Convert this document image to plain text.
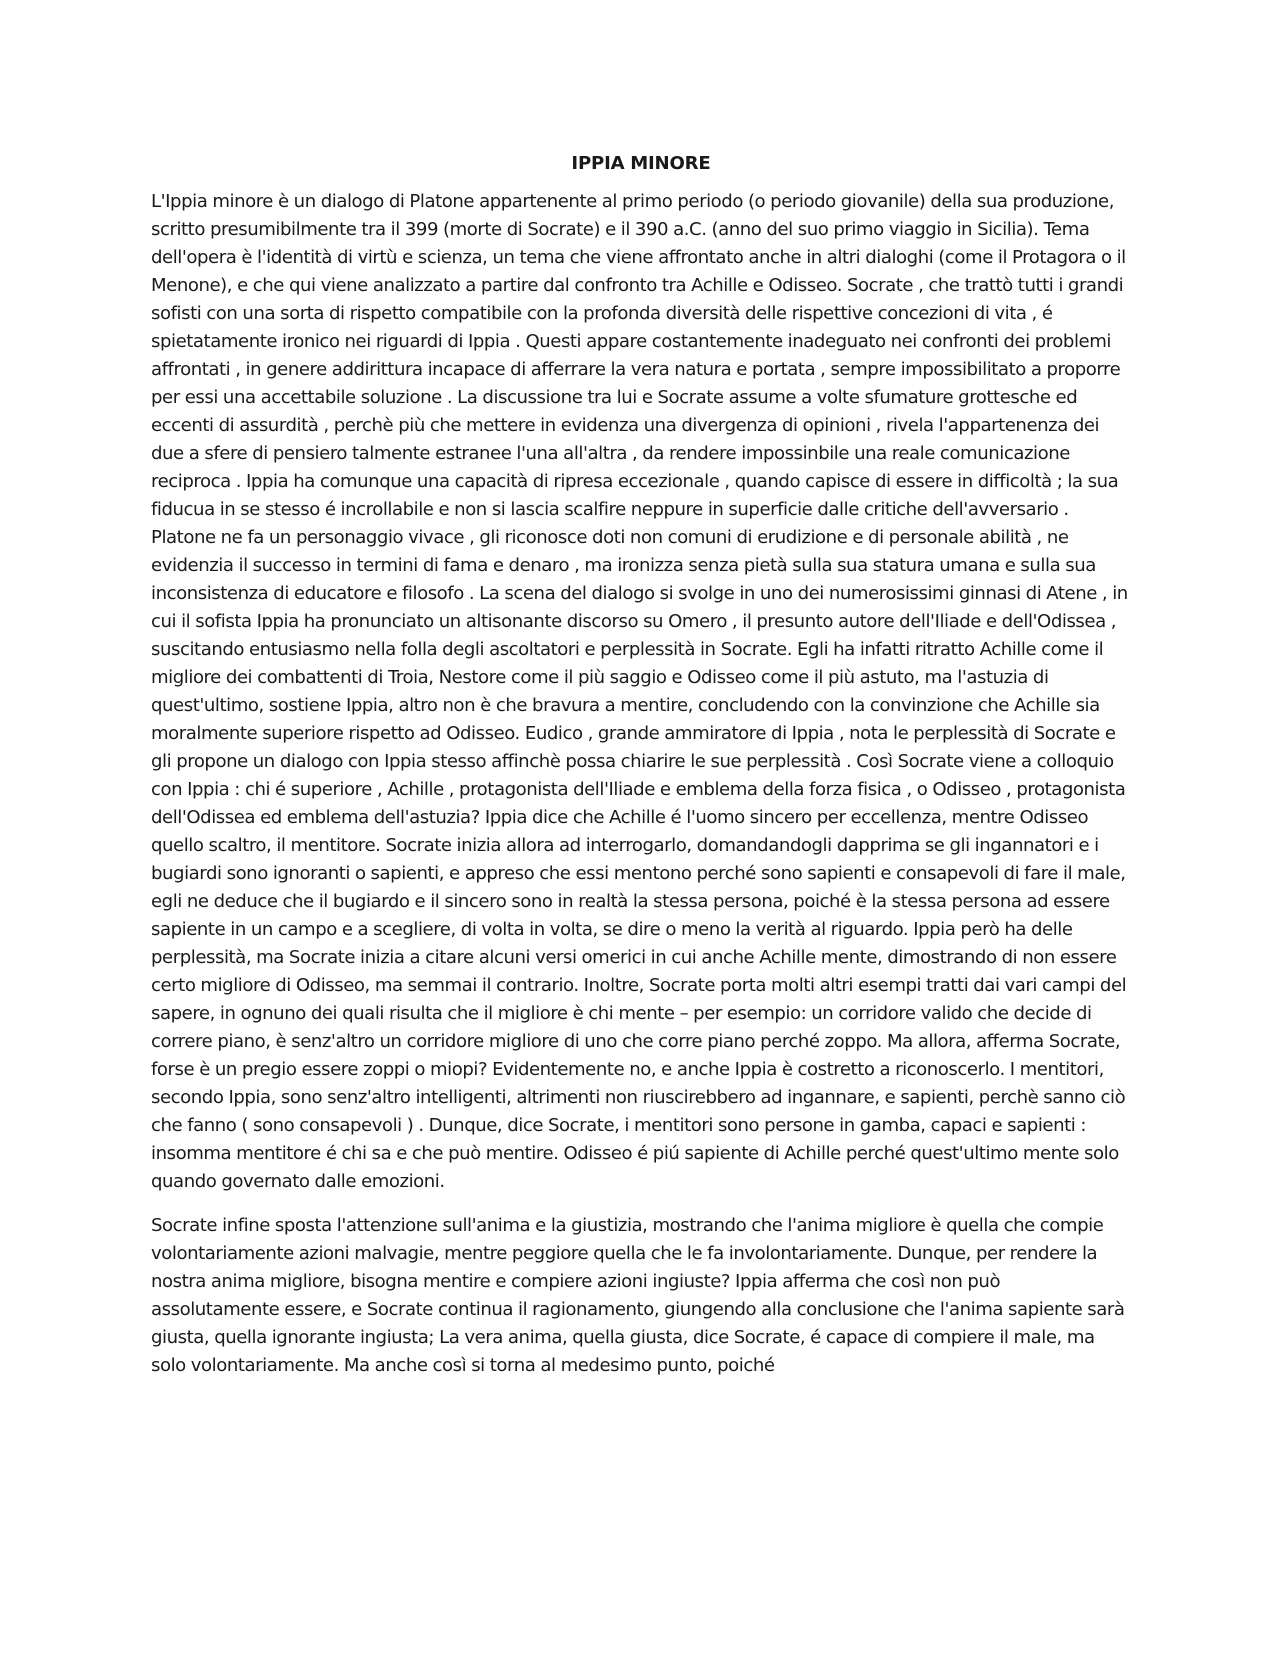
IPPIA MINORE

L'Ippia minore è un dialogo di Platone appartenente al primo periodo (o periodo giovanile) della sua produzione, scritto presumibilmente tra il 399 (morte di Socrate) e il 390 a.C. (anno del suo primo viaggio in Sicilia). Tema dell'opera è l'identità di virtù e scienza, un tema che viene affrontato anche in altri dialoghi (come il Protagora o il Menone), e che qui viene analizzato a partire dal confronto tra Achille e Odisseo. Socrate , che trattò tutti i grandi sofisti con una sorta di rispetto compatibile con la profonda diversità delle rispettive concezioni di vita , é spietatamente ironico nei riguardi di Ippia . Questi appare costantemente inadeguato nei confronti dei problemi affrontati , in genere addirittura incapace di afferrare la vera natura e portata , sempre impossibilitato a proporre per essi una accettabile soluzione . La discussione tra lui e Socrate assume a volte sfumature grottesche ed eccenti di assurdità , perchè più che mettere in evidenza una divergenza di opinioni , rivela l'appartenenza dei due a sfere di pensiero talmente estranee l'una all'altra , da rendere impossinbile una reale comunicazione reciproca . Ippia ha comunque una capacità di ripresa eccezionale , quando capisce di essere in difficoltà ; la sua fiducua in se stesso é incrollabile e non si lascia scalfire neppure in superficie dalle critiche dell'avversario . Platone ne fa un personaggio vivace , gli riconosce doti non comuni di erudizione e di personale abilità , ne evidenzia il successo in termini di fama e denaro , ma ironizza senza pietà sulla sua statura umana e sulla sua inconsistenza di educatore e filosofo . La scena del dialogo si svolge in uno dei numerosissimi ginnasi di Atene , in cui il sofista Ippia ha pronunciato un altisonante discorso su Omero , il presunto autore dell'Iliade e dell'Odissea , suscitando entusiasmo nella folla degli ascoltatori e perplessità in Socrate. Egli ha infatti ritratto Achille come il migliore dei combattenti di Troia, Nestore come il più saggio e Odisseo come il più astuto, ma l'astuzia di quest'ultimo, sostiene Ippia, altro non è che bravura a mentire, concludendo con la convinzione che Achille sia moralmente superiore rispetto ad Odisseo. Eudico , grande ammiratore di Ippia , nota le perplessità di Socrate e gli propone un dialogo con Ippia stesso affinchè possa chiarire le sue perplessità . Così Socrate viene a colloquio con Ippia : chi é superiore , Achille , protagonista dell'Iliade e emblema della forza fisica , o Odisseo , protagonista dell'Odissea ed emblema dell'astuzia? Ippia dice che Achille é l'uomo sincero per eccellenza, mentre Odisseo quello scaltro, il mentitore. Socrate inizia allora ad interrogarlo, domandandogli dapprima se gli ingannatori e i bugiardi sono ignoranti o sapienti, e appreso che essi mentono perché sono sapienti e consapevoli di fare il male, egli ne deduce che il bugiardo e il sincero sono in realtà la stessa persona, poiché è la stessa persona ad essere sapiente in un campo e a scegliere, di volta in volta, se dire o meno la verità al riguardo. Ippia però ha delle perplessità, ma Socrate inizia a citare alcuni versi omerici in cui anche Achille mente, dimostrando di non essere certo migliore di Odisseo, ma semmai il contrario. Inoltre, Socrate porta molti altri esempi tratti dai vari campi del sapere, in ognuno dei quali risulta che il migliore è chi mente – per esempio: un corridore valido che decide di correre piano, è senz'altro un corridore migliore di uno che corre piano perché zoppo. Ma allora, afferma Socrate, forse è un pregio essere zoppi o miopi? Evidentemente no, e anche Ippia è costretto a riconoscerlo. I mentitori, secondo Ippia, sono senz'altro intelligenti, altrimenti non riuscirebbero ad ingannare, e sapienti, perchè sanno ciò che fanno ( sono consapevoli ) . Dunque, dice Socrate, i mentitori sono persone in gamba, capaci e sapienti : insomma mentitore é chi sa e che può mentire. Odisseo é piú sapiente di Achille perché quest'ultimo mente solo quando governato dalle emozioni.

Socrate infine sposta l'attenzione sull'anima e la giustizia, mostrando che l'anima migliore è quella che compie volontariamente azioni malvagie, mentre peggiore quella che le fa involontariamente. Dunque, per rendere la nostra anima migliore, bisogna mentire e compiere azioni ingiuste? Ippia afferma che così non può assolutamente essere, e Socrate continua il ragionamento, giungendo alla conclusione che l'anima sapiente sarà giusta, quella ignorante ingiusta; La vera anima, quella giusta, dice Socrate, é capace di compiere il male, ma solo volontariamente. Ma anche così si torna al medesimo punto, poiché
